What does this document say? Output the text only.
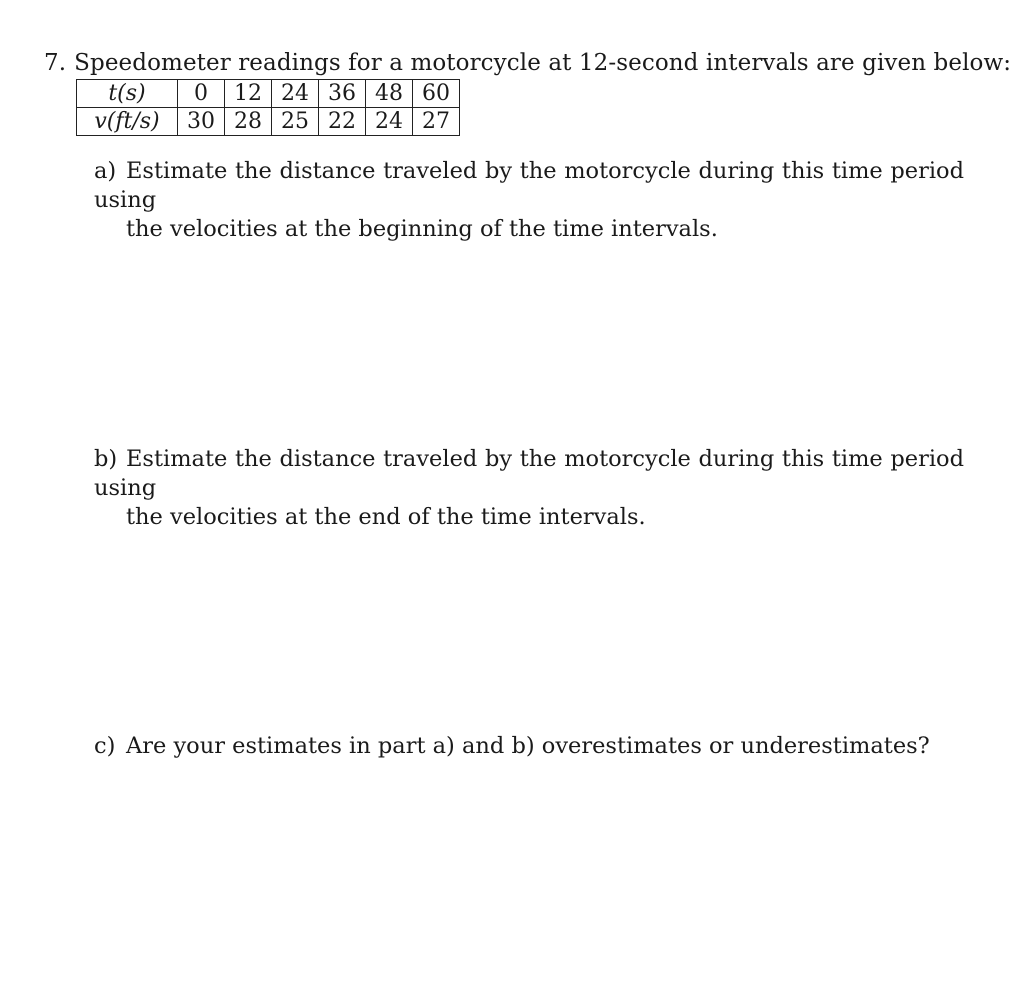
7. Speedometer readings for a motorcycle at 12-second intervals are given below:
t(s)	0	12	24	36	48	60
v(ft/s)	30	28	25	22	24	27
a) Estimate the distance traveled by the motorcycle during this time period using
the velocities at the beginning of the time intervals.
b) Estimate the distance traveled by the motorcycle during this time period using
the velocities at the end of the time intervals.
c) Are your estimates in part a) and b) overestimates or underestimates?
